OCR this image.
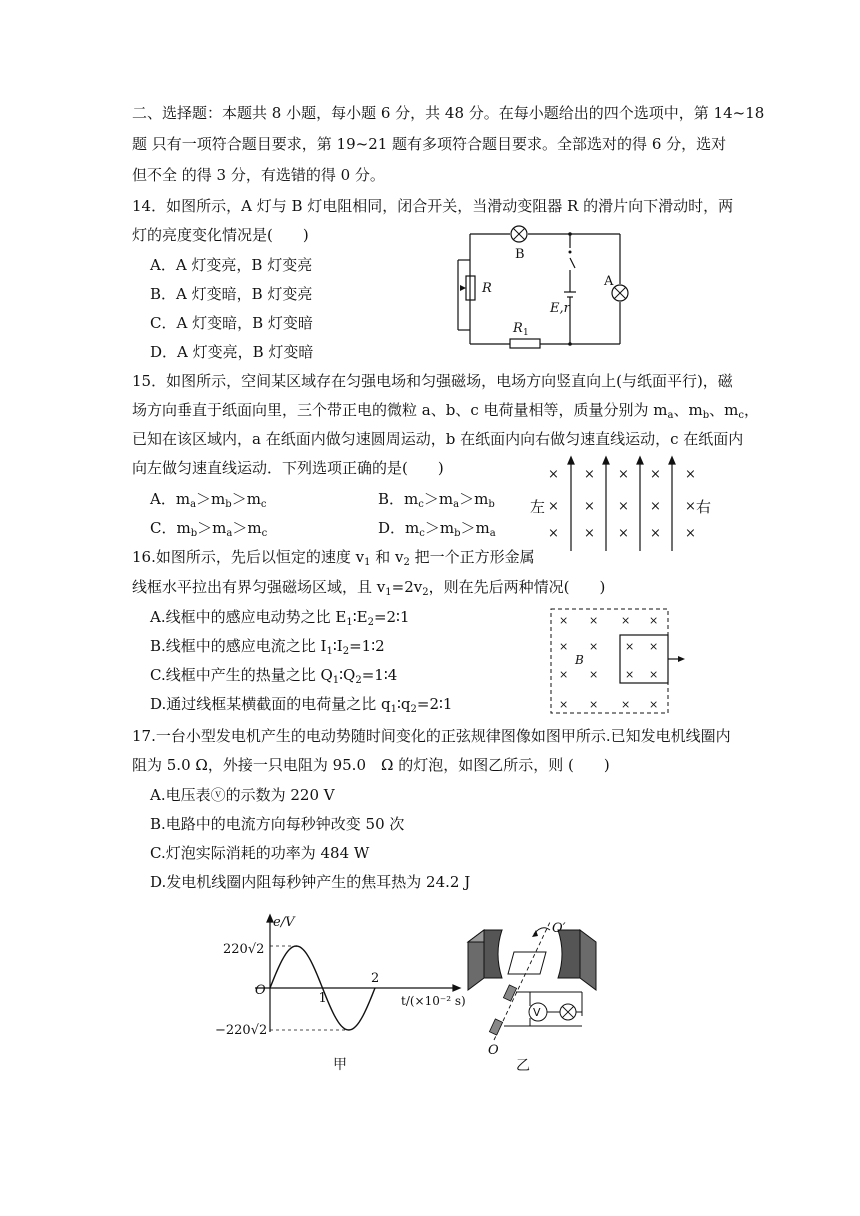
二、选择题：本题共 8 小题，每小题 6 分，共 48 分。在每小题给出的四个选项中，第 14~18
题 只有一项符合题目要求，第 19~21 题有多项符合题目要求。全部选对的得 6 分，选对
但不全 的得 3 分，有选错的得 0 分。
14．如图所示，A 灯与 B 灯电阻相同，闭合开关，当滑动变阻器 R 的滑片向下滑动时，两
灯的亮度变化情况是(　　)
A．A 灯变亮，B 灯变亮
B．A 灯变暗，B 灯变亮
C．A 灯变暗，B 灯变暗
D．A 灯变亮，B 灯变暗
B
A
R
E,r
R 1
15．如图所示，空间某区域存在匀强电场和匀强磁场，电场方向竖直向上(与纸面平行)，磁
场方向垂直于纸面向里，三个带正电的微粒 a、b、c 电荷量相等，质量分别为 $m_a$、$m_b$、$m_c$，
已知在该区域内，a 在纸面内做匀速圆周运动，b 在纸面内向右做匀速直线运动，c 在纸面内
向左做匀速直线运动．下列选项正确的是(　　)
A．$m_a>m_b>m_c$	B．$m_c>m_a>m_b$
C．$m_b>m_a>m_c$	D．$m_c>m_b>m_a$
× × × × ×
× × × × ×
× × × × ×
左	右
16.如图所示，先后以恒定的速度 $v_1$ 和 $v_2$ 把一个正方形金属
线框水平拉出有界匀强磁场区域，且 $v_1=2v_2$，则在先后两种情况(　　)
A.线框中的感应电动势之比 $E_1∶E_2=2∶1$
B.线框中的感应电流之比 $I_1∶I_2=1∶2$
C.线框中产生的热量之比 $Q_1∶Q_2=1∶4$
D.通过线框某横截面的电荷量之比 $q_1∶q_2=2∶1$
× × × ×
× × × ×
× ×
× ×
× × × ×
B
17.一台小型发电机产生的电动势随时间变化的正弦规律图像如图甲所示.已知发电机线圈内
阻为 5.0 Ω，外接一只电阻为 95.0　Ω 的灯泡，如图乙所示，则 (　　)
A.电压表ⓥ的示数为 220 V
B.电路中的电流方向每秒钟改变 50 次
C.灯泡实际消耗的功率为 484 W
D.发电机线圈内阻每秒钟产生的焦耳热为 24.2 J
e/V
220√2
−220√2
O
1
2
t/(×10⁻² s)
甲
V
O′
O
乙
